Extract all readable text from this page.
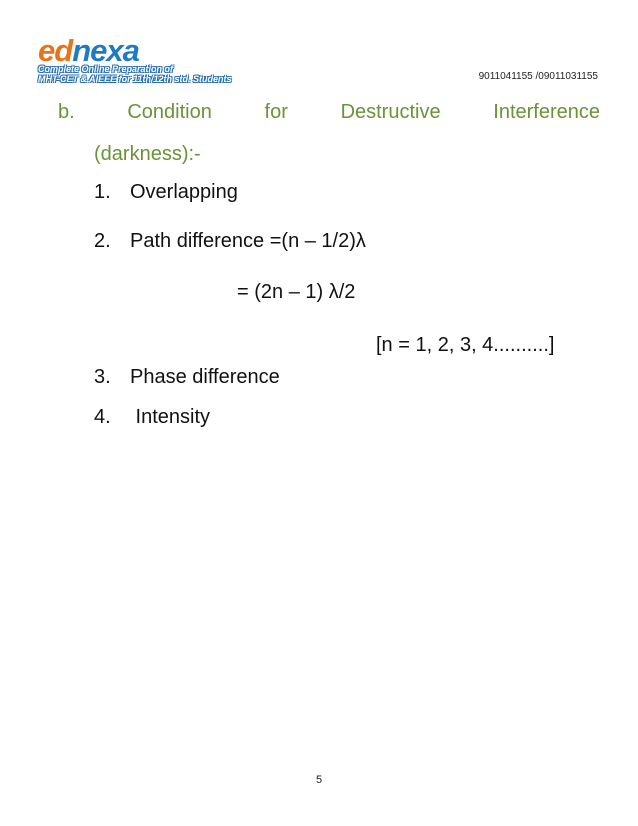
ednexa
Complete Online Preparation of
MHT-CET & AIEEE for 11th/12th std. Students	9011041155 /09011031155
b.	Condition	for	Destructive	Interference
(darkness):-
1. Overlapping
2. Path difference =(n – 1/2)λ
= (2n – 1) λ/2
[n = 1, 2, 3, 4..........]
3. Phase difference
4. Intensity
5
